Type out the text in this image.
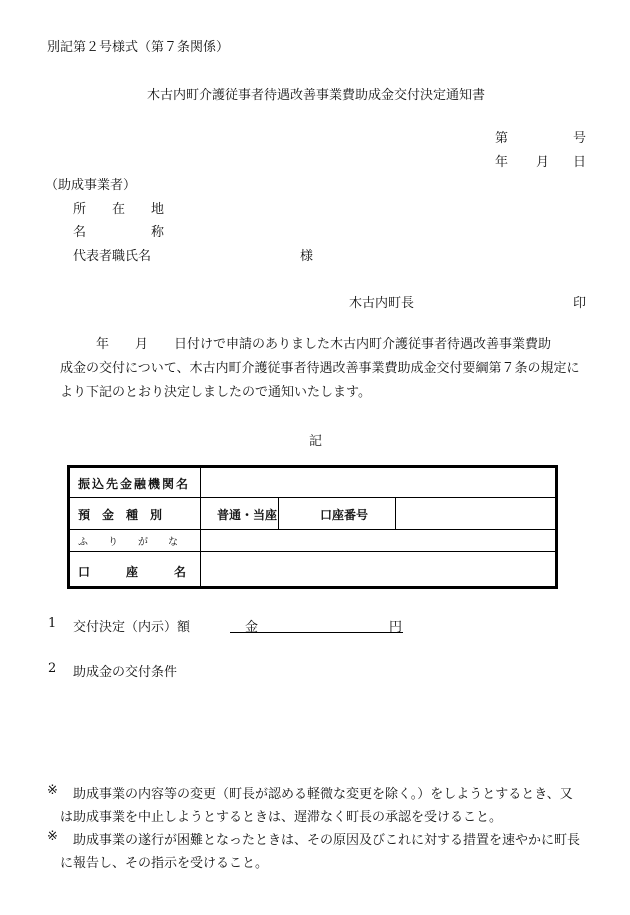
別記第２号様式（第７条関係）
木古内町介護従事者待遇改善事業費助成金交付決定通知書
第	号
年 月 日
（助成事業者）
所　　在　　地
名　　　　　称
代表者職氏名	様
木古内町長	印
　　年　　月　　日付けで申請のありました木古内町介護従事者待遇改善事業費助
成金の交付について、木古内町介護従事者待遇改善事業費助成金交付要綱第７条の規定に
より下記のとおり決定しましたので通知いたします。
記
振込先金融機関名
預　金　種　別	普通・当座	口座番号
ふ　　り　　が　　な
口　　　座　　　名
1 交付決定（内示）額	金	円
2 助成金の交付条件
※ 助成事業の内容等の変更（町長が認める軽微な変更を除く。）をしようとするとき、又
は助成事業を中止しようとするときは、遅滞なく町長の承認を受けること。
※ 助成事業の遂行が困難となったときは、その原因及びこれに対する措置を速やかに町長
に報告し、その指示を受けること。
